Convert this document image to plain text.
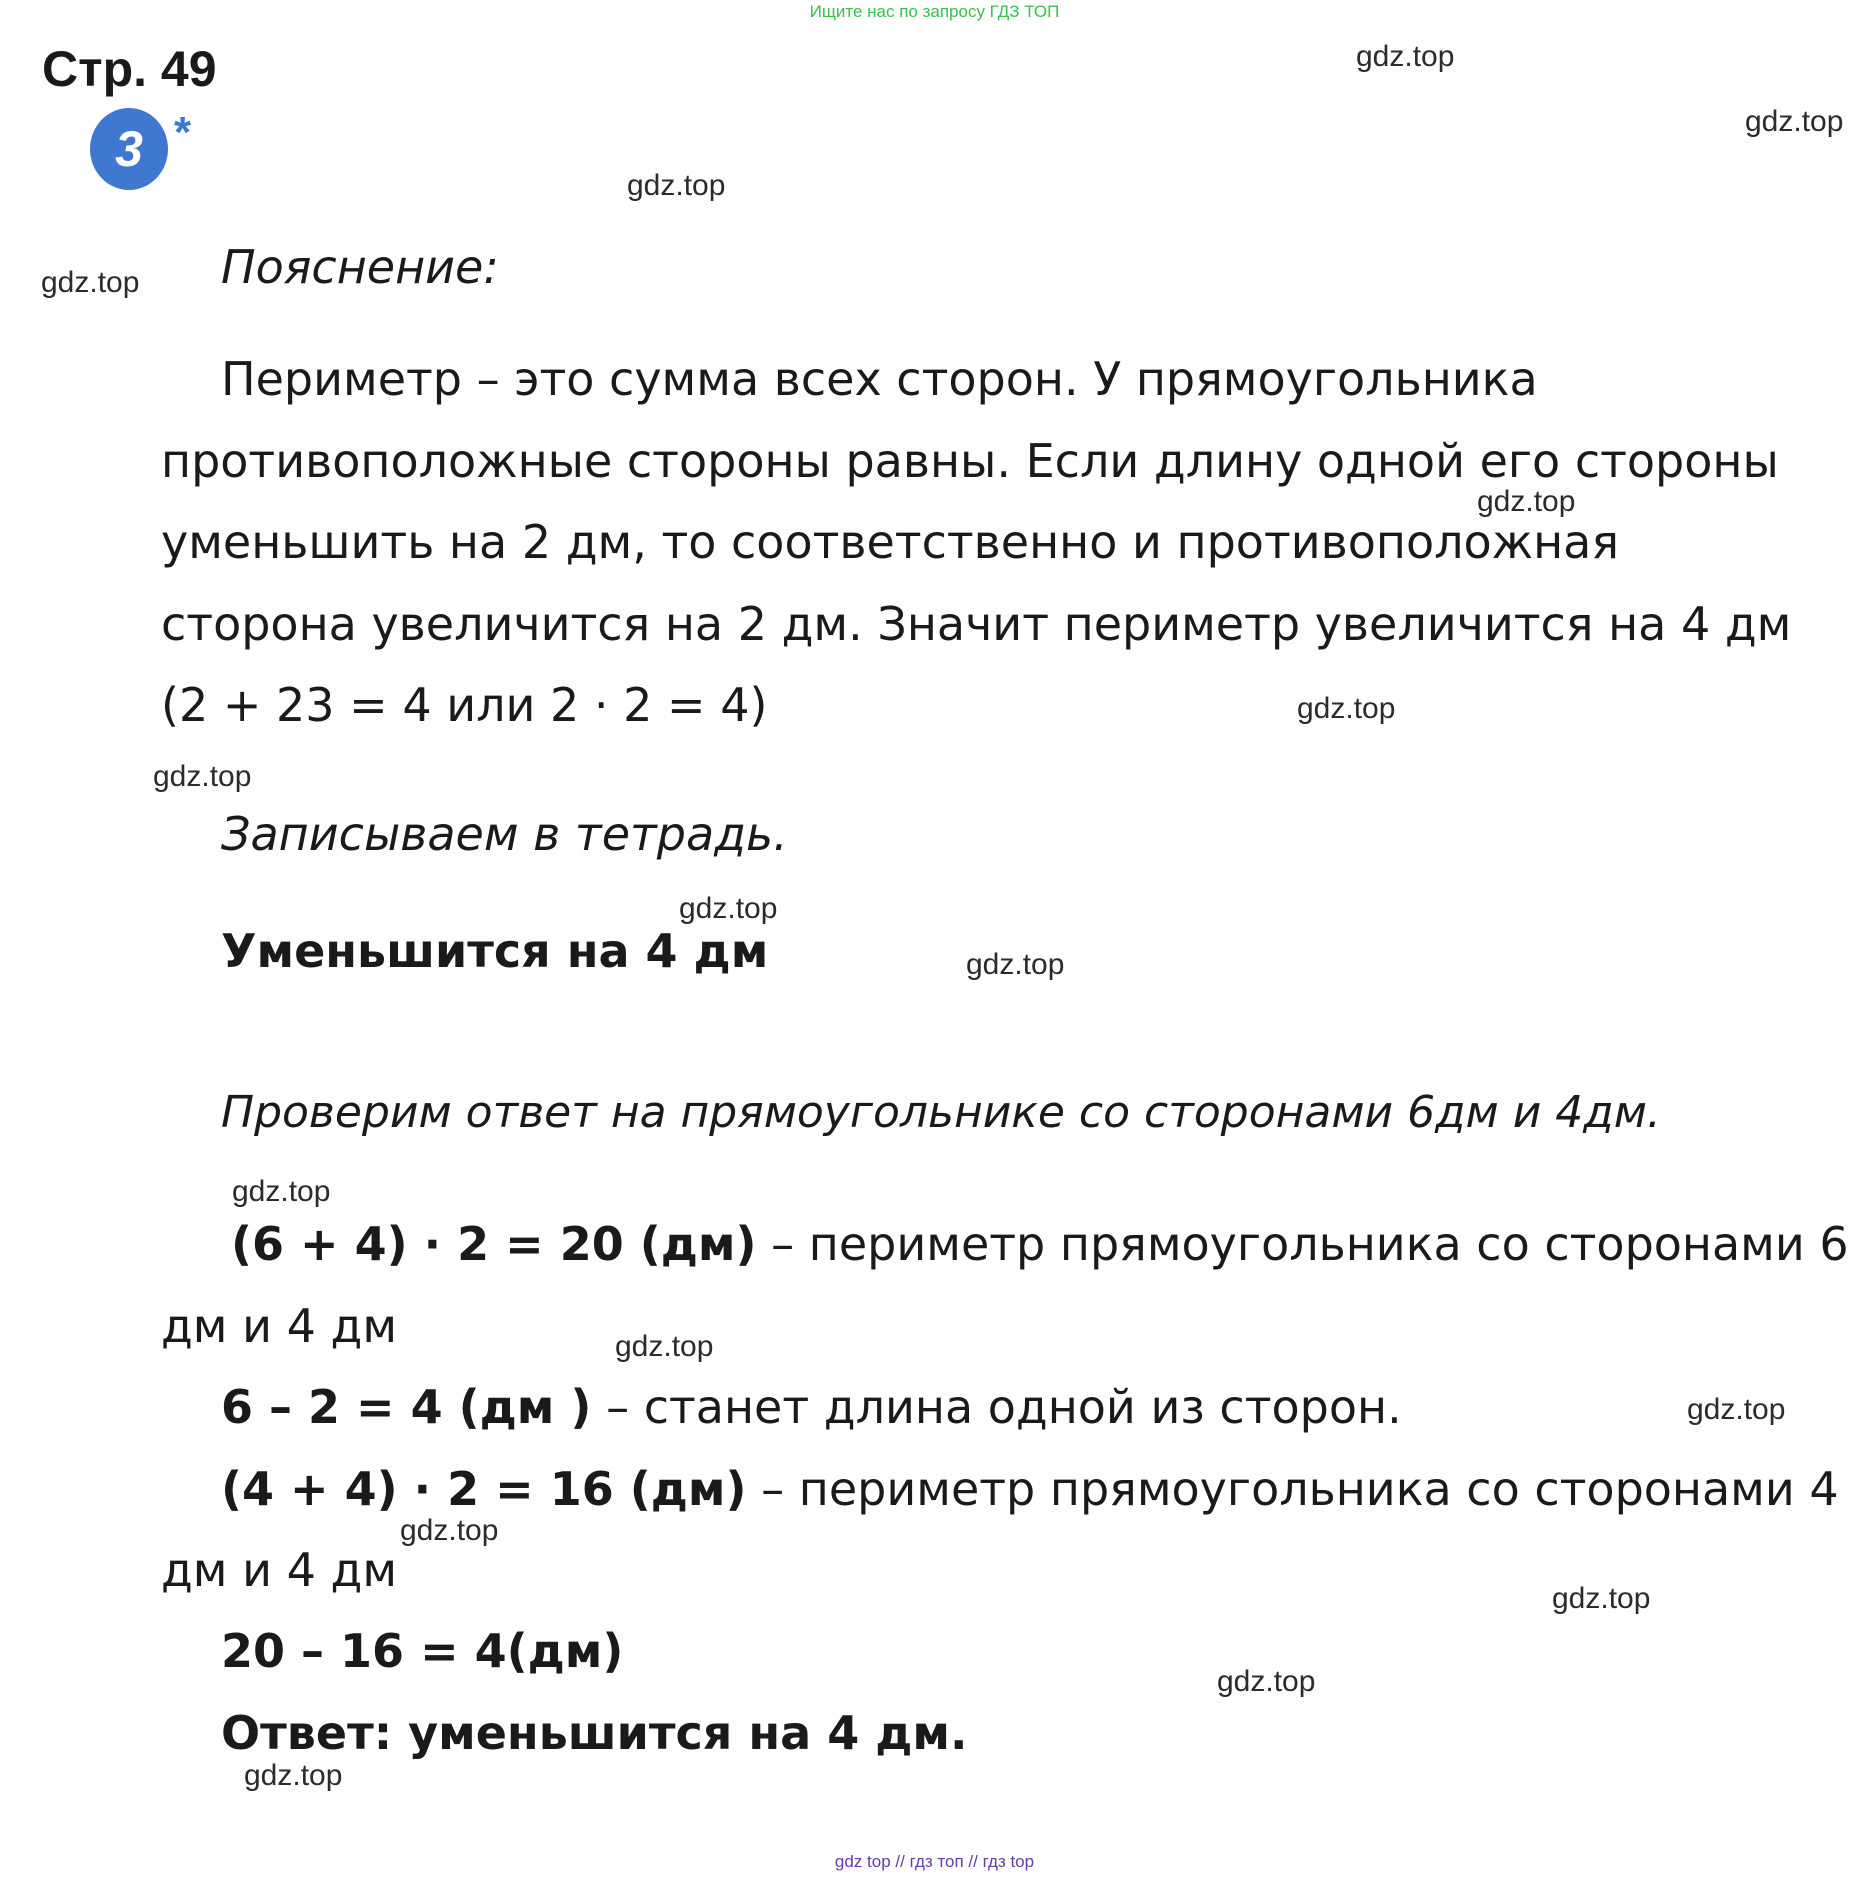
Ищите нас по запросу ГДЗ ТОП
Стр. 49
3 *
gdz.top
gdz.top
gdz.top
gdz.top
gdz.top
gdz.top
gdz.top
gdz.top
gdz.top
gdz.top
gdz.top
gdz.top
gdz.top
gdz.top
gdz.top
gdz.top
Пояснение:
Периметр – это сумма всех сторон. У прямоугольника
противоположные стороны равны. Если длину одной его стороны
уменьшить на 2 дм, то соответственно и противоположная
сторона увеличится на 2 дм. Значит периметр увеличится на 4 дм
(2 + 23 = 4 или 2 · 2 = 4)
Записываем в тетрадь.
Уменьшится на 4 дм
Проверим ответ на прямоугольнике со сторонами 6дм и 4дм.
(6 + 4) · 2 = 20 (дм) – периметр прямоугольника со сторонами 6
дм и 4 дм
6 – 2 = 4 (дм ) – станет длина одной из сторон.
(4 + 4) · 2 = 16 (дм) – периметр прямоугольника со сторонами 4
дм и 4 дм
20 – 16 = 4(дм)
Ответ: уменьшится на 4 дм.
gdz top // гдз топ // гдз top
